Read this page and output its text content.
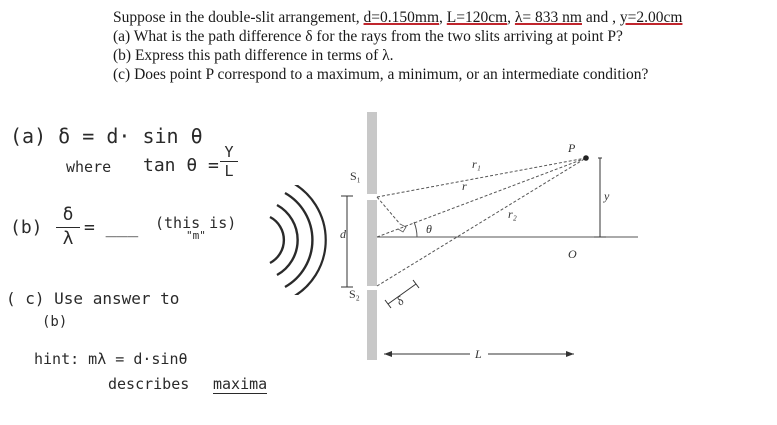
Suppose in the double-slit arrangement, d=0.150mm, L=120cm, λ= 833 nm and , y=2.00cm
(a) What is the path difference δ for the rays from the two slits arriving at point P?
(b) Express this path difference in terms of λ.
(c) Does point P correspond to a maximum, a minimum, or an intermediate condition?
(a) δ = d· sin θ
where tan θ =
Y
L
(b)
δ
λ
= ___ (this is)
"m"
( c) Use answer to
(b)
hint: mλ = d·sinθ
describes maxima
S₁
S₂
d	θ
r₁
r
r₂
δ
P
O
y
L
